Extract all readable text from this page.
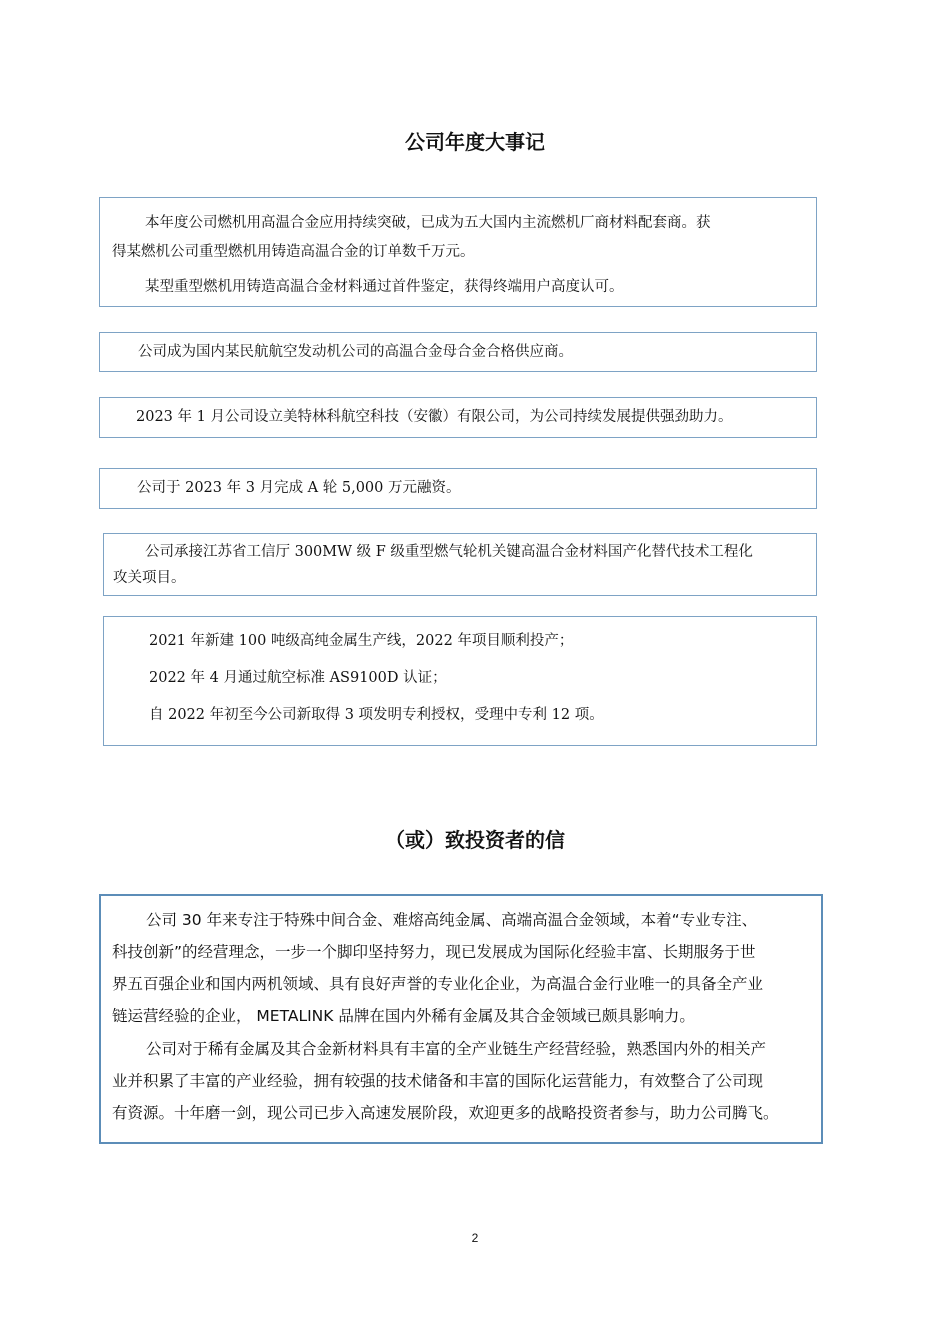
公司年度大事记

本年度公司燃机用高温合金应用持续突破，已成为五大国内主流燃机厂商材料配套商。获

得某燃机公司重型燃机用铸造高温合金的订单数千万元。

某型重型燃机用铸造高温合金材料通过首件鉴定，获得终端用户高度认可。

公司成为国内某民航航空发动机公司的高温合金母合金合格供应商。

2023 年 1 月公司设立美特林科航空科技（安徽）有限公司，为公司持续发展提供强劲助力。

公司于 2023 年 3 月完成 A 轮 5,000 万元融资。

公司承接江苏省工信厅 300MW 级 F 级重型燃气轮机关键高温合金材料国产化替代技术工程化

攻关项目。

2021 年新建 100 吨级高纯金属生产线，2022 年项目顺利投产；

2022 年 4 月通过航空标准 AS9100D 认证；

自 2022 年初至今公司新取得 3 项发明专利授权，受理中专利 12 项。

（或）致投资者的信

公司 30 年来专注于特殊中间合金、难熔高纯金属、高端高温合金领域，本着“专业专注、

科技创新”的经营理念，一步一个脚印坚持努力，现已发展成为国际化经验丰富、长期服务于世

界五百强企业和国内两机领域、具有良好声誉的专业化企业，为高温合金行业唯一的具备全产业

链运营经验的企业， METALINK 品牌在国内外稀有金属及其合金领域已颇具影响力。

公司对于稀有金属及其合金新材料具有丰富的全产业链生产经营经验，熟悉国内外的相关产

业并积累了丰富的产业经验，拥有较强的技术储备和丰富的国际化运营能力，有效整合了公司现

有资源。十年磨一剑，现公司已步入高速发展阶段，欢迎更多的战略投资者参与，助力公司腾飞。

2
